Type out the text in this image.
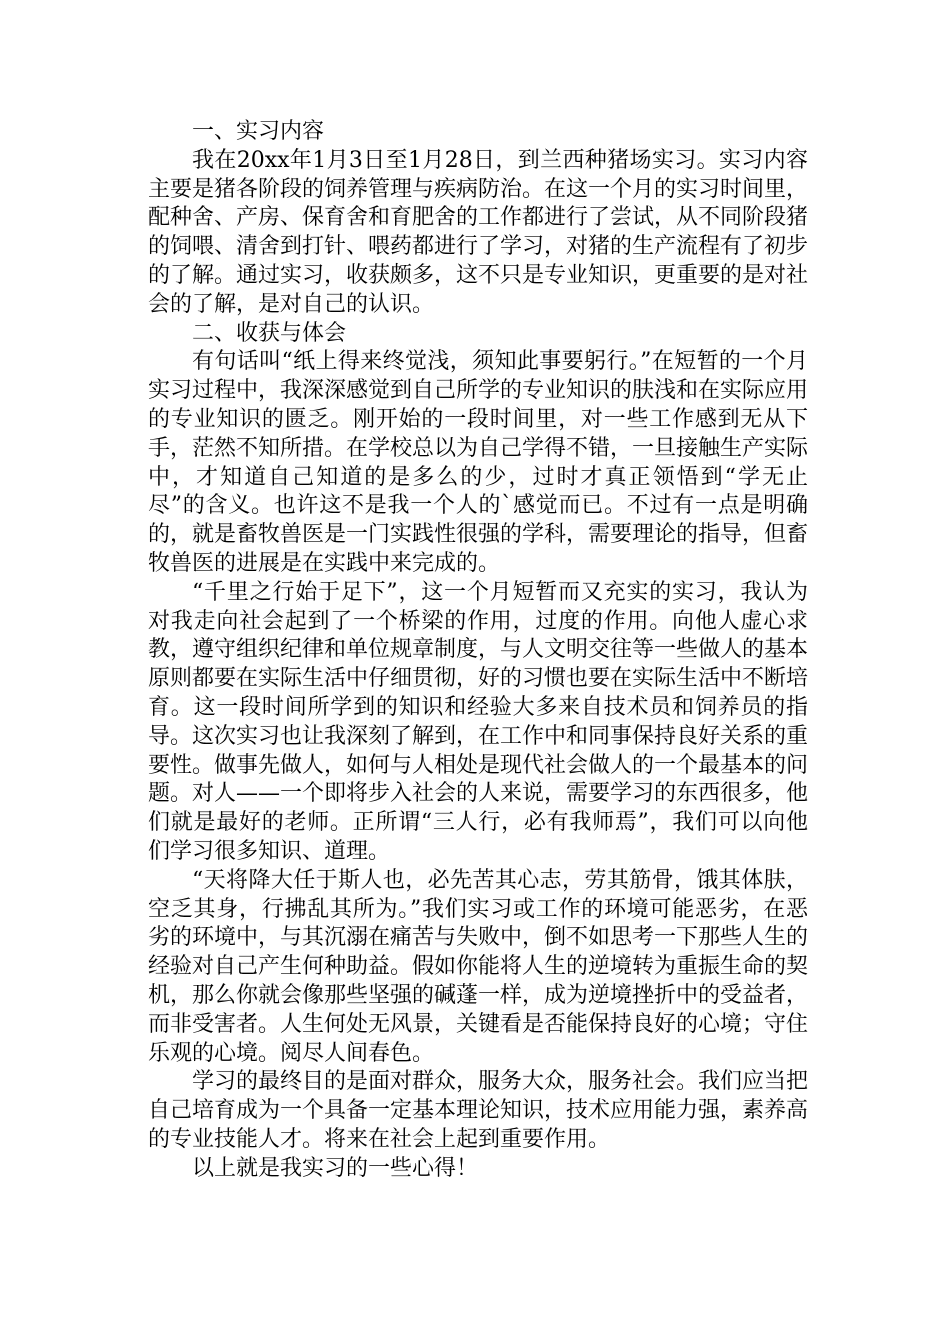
一、实习内容

我在20xx年1月3日至1月28日，到兰西种猪场实习。实习内容主要是猪各阶段的饲养管理与疾病防治。在这一个月的实习时间里，配种舍、产房、保育舍和育肥舍的工作都进行了尝试，从不同阶段猪的饲喂、清舍到打针、喂药都进行了学习，对猪的生产流程有了初步的了解。通过实习，收获颇多，这不只是专业知识，更重要的是对社会的了解，是对自己的认识。

二、收获与体会

有句话叫“纸上得来终觉浅，须知此事要躬行。”在短暂的一个月实习过程中，我深深感觉到自己所学的专业知识的肤浅和在实际应用的专业知识的匮乏。刚开始的一段时间里，对一些工作感到无从下手，茫然不知所措。在学校总以为自己学得不错，一旦接触生产实际中，才知道自己知道的是多么的少，过时才真正领悟到“学无止尽”的含义。也许这不是我一个人的`感觉而已。不过有一点是明确的，就是畜牧兽医是一门实践性很强的学科，需要理论的指导，但畜牧兽医的进展是在实践中来完成的。

“千里之行始于足下”，这一个月短暂而又充实的实习，我认为对我走向社会起到了一个桥梁的作用，过度的作用。向他人虚心求教，遵守组织纪律和单位规章制度，与人文明交往等一些做人的基本原则都要在实际生活中仔细贯彻，好的习惯也要在实际生活中不断培育。这一段时间所学到的知识和经验大多来自技术员和饲养员的指导。这次实习也让我深刻了解到，在工作中和同事保持良好关系的重要性。做事先做人，如何与人相处是现代社会做人的一个最基本的问题。对人——一个即将步入社会的人来说，需要学习的东西很多，他们就是最好的老师。正所谓“三人行，必有我师焉”，我们可以向他们学习很多知识、道理。

“天将降大任于斯人也，必先苦其心志，劳其筋骨，饿其体肤，空乏其身，行拂乱其所为。”我们实习或工作的环境可能恶劣，在恶劣的环境中，与其沉溺在痛苦与失败中，倒不如思考一下那些人生的经验对自己产生何种助益。假如你能将人生的逆境转为重振生命的契机，那么你就会像那些坚强的碱蓬一样，成为逆境挫折中的受益者，而非受害者。人生何处无风景，关键看是否能保持良好的心境；守住乐观的心境。阅尽人间春色。

学习的最终目的是面对群众，服务大众，服务社会。我们应当把自己培育成为一个具备一定基本理论知识，技术应用能力强，素养高的专业技能人才。将来在社会上起到重要作用。

以上就是我实习的一些心得！
